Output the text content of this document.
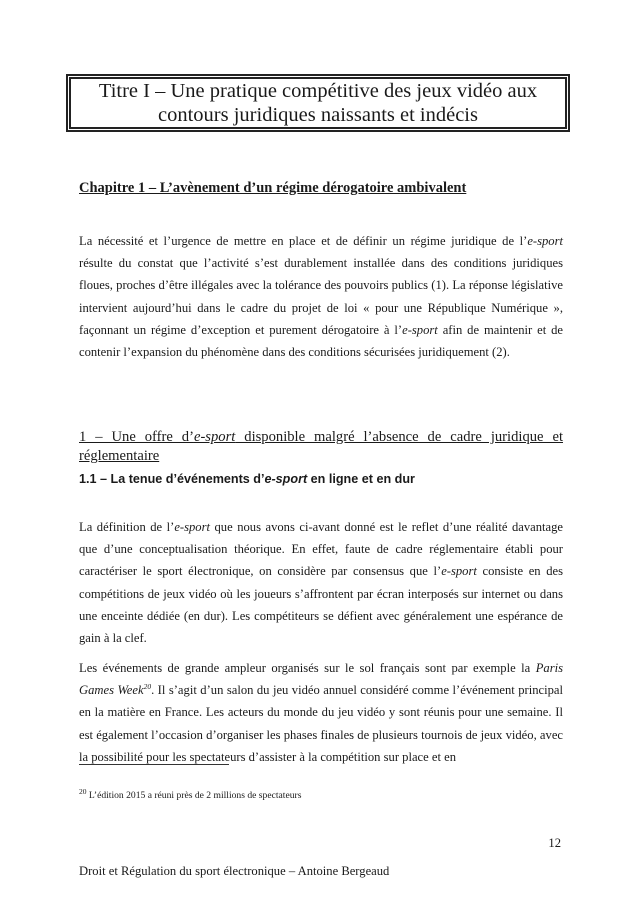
Titre I – Une pratique compétitive des jeux vidéo aux
contours juridiques naissants et indécis
Chapitre 1 – L’avènement d’un régime dérogatoire ambivalent

La nécessité et l’urgence de mettre en place et de définir un régime juridique de l’e-sport résulte du constat que l’activité s’est durablement installée dans des conditions juridiques floues, proches d’être illégales avec la tolérance des pouvoirs publics (1). La réponse législative intervient aujourd’hui dans le cadre du projet de loi « pour une République Numérique », façonnant un régime d’exception et purement dérogatoire à l’e-sport afin de maintenir et de contenir l’expansion du phénomène dans des conditions sécurisées juridiquement (2).

1 – Une offre d’e-sport disponible malgré l’absence de cadre juridique et réglementaire
1.1 – La tenue d’événements d’e-sport en ligne et en dur

La définition de l’e-sport que nous avons ci-avant donné est le reflet d’une réalité davantage que d’une conceptualisation théorique. En effet, faute de cadre réglementaire établi pour caractériser le sport électronique, on considère par consensus que l’e-sport consiste en des compétitions de jeux vidéo où les joueurs s’affrontent par écran interposés sur internet ou dans une enceinte dédiée (en dur). Les compétiteurs se défient avec généralement une espérance de gain à la clef.

Les événements de grande ampleur organisés sur le sol français sont par exemple la Paris Games Week$^{20}$. Il s’agit d’un salon du jeu vidéo annuel considéré comme l’événement principal en la matière en France. Les acteurs du monde du jeu vidéo y sont réunis pour une semaine. Il est également l’occasion d’organiser les phases finales de plusieurs tournois de jeux vidéo, avec la possibilité pour les spectateurs d’assister à la compétition sur place et en

$^{20}$ L’édition 2015 a réuni près de 2 millions de spectateurs
12
Droit et Régulation du sport électronique – Antoine Bergeaud
